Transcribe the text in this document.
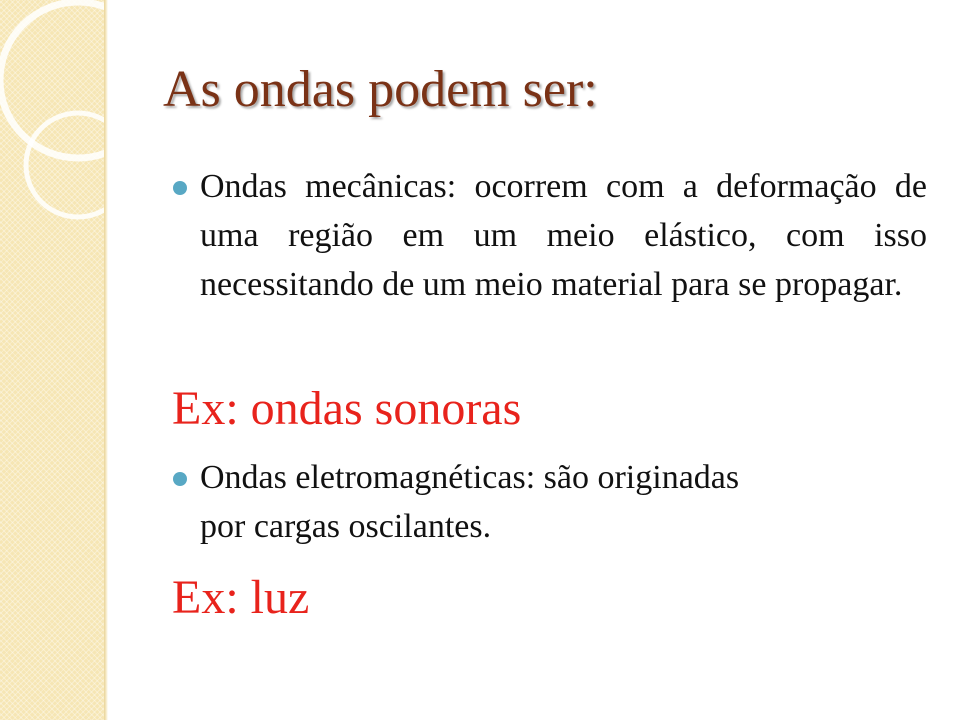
As ondas podem ser:

Ondas mecânicas: ocorrem com a deformação de uma região em um meio elástico, com isso necessitando de um meio material para se propagar.

Ex: ondas sonoras

Ondas eletromagnéticas: são originadas
por cargas oscilantes.

Ex: luz
